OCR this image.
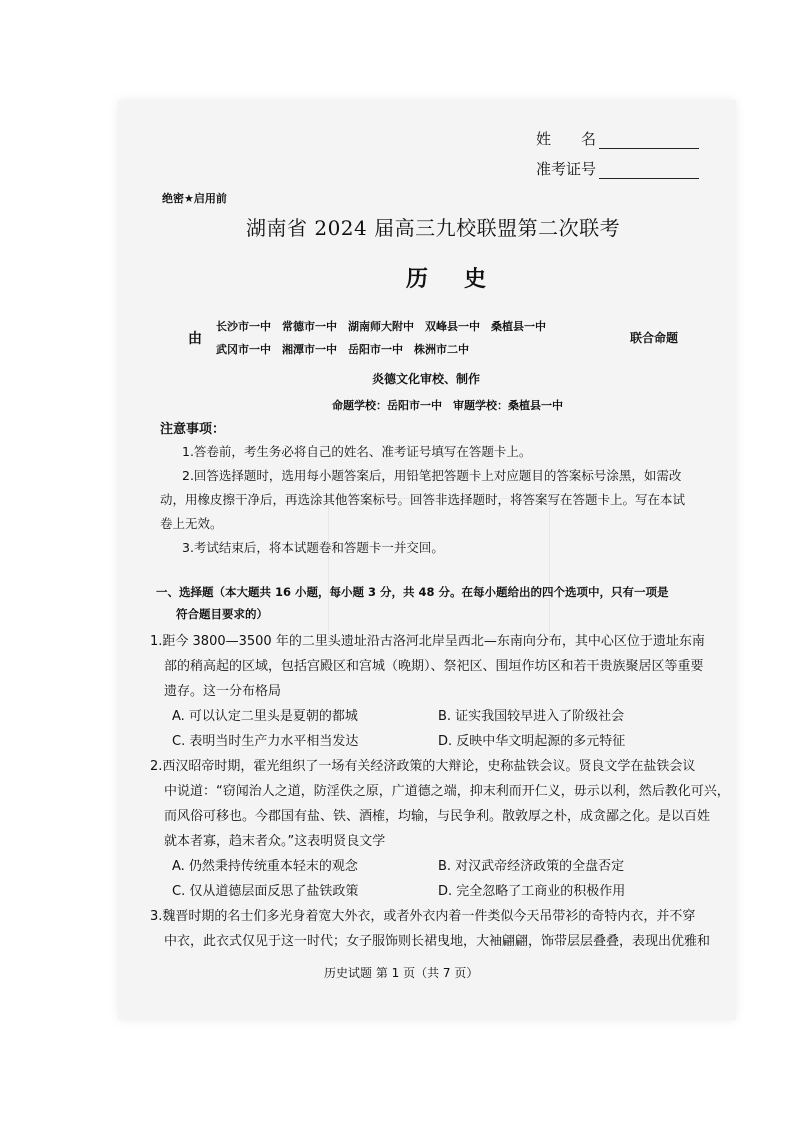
姓　　名
准考证号
绝密★启用前
湖南省 2024 届高三九校联盟第二次联考
历史
由
长沙市一中　常德市一中　湖南师大附中　双峰县一中　桑植县一中
武冈市一中　湘潭市一中　岳阳市一中　株洲市二中
联合命题
炎德文化审校、制作
命题学校：岳阳市一中　审题学校：桑植县一中
注意事项：
1.答卷前，考生务必将自己的姓名、准考证号填写在答题卡上。
2.回答选择题时，选用每小题答案后，用铅笔把答题卡上对应题目的答案标号涂黑，如需改
动，用橡皮擦干净后，再选涂其他答案标号。回答非选择题时，将答案写在答题卡上。写在本试
卷上无效。
3.考试结束后，将本试题卷和答题卡一并交回。
一、选择题（本大题共 16 小题，每小题 3 分，共 48 分。在每小题给出的四个选项中，只有一项是
符合题目要求的）
1.距今 3800—3500 年的二里头遗址沿古洛河北岸呈西北—东南向分布，其中心区位于遗址东南
部的稍高起的区域，包括宫殿区和宫城（晚期）、祭祀区、围垣作坊区和若干贵族聚居区等重要
遗存。这一分布格局
A. 可以认定二里头是夏朝的都城	B. 证实我国较早进入了阶级社会
C. 表明当时生产力水平相当发达	D. 反映中华文明起源的多元特征
2.西汉昭帝时期，霍光组织了一场有关经济政策的大辩论，史称盐铁会议。贤良文学在盐铁会议
中说道：“窃闻治人之道，防淫佚之原，广道德之端，抑末利而开仁义，毋示以利，然后教化可兴，
而风俗可移也。今郡国有盐、铁、酒榷，均输，与民争利。散敦厚之朴，成贪鄙之化。是以百姓
就本者寡，趋末者众。”这表明贤良文学
A. 仍然秉持传统重本轻末的观念	B. 对汉武帝经济政策的全盘否定
C. 仅从道德层面反思了盐铁政策	D. 完全忽略了工商业的积极作用
3.魏晋时期的名士们多光身着宽大外衣，或者外衣内着一件类似今天吊带衫的奇特内衣，并不穿
中衣，此衣式仅见于这一时代；女子服饰则长裙曳地，大袖翩翩，饰带层层叠叠，表现出优雅和
历史试题 第 1 页（共 7 页）
